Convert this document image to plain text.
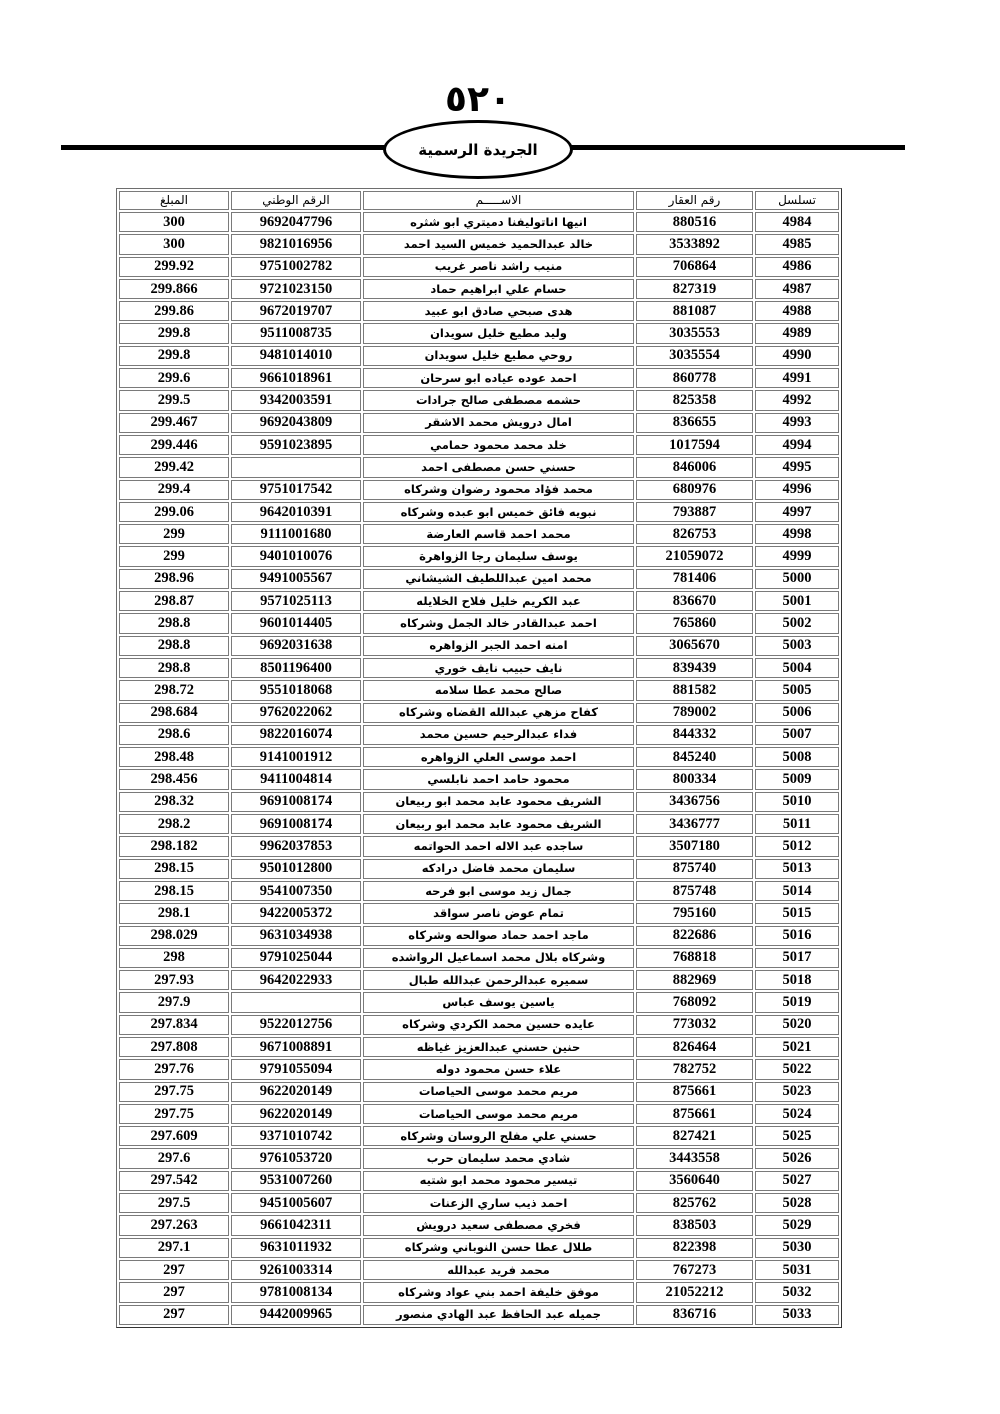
٥٢٠
الجريدة الرسمية
تسلسل	رقم العقار	الاســـــم	الرقم الوطني	المبلغ
4984	880516	انيها اناتوليفنا دميتري ابو شثره	9692047796	300
4985	3533892	خالد عبدالحميد خميس السيد احمد	9821016956	300
4986	706864	منيب راشد ناصر غريب	9751002782	299.92
4987	827319	حسام علي ابراهيم حماد	9721023150	299.866
4988	881087	هدى صبحي صادق ابو عبيد	9672019707	299.86
4989	3035553	وليد مطيع خليل سويدان	9511008735	299.8
4990	3035554	روحي مطيع خليل سويدان	9481014010	299.8
4991	860778	احمد عوده عياده ابو سرحان	9661018961	299.6
4992	825358	حشمه مصطفى صالح جرادات	9342003591	299.5
4993	836655	امال درويش محمد الاشقر	9692043809	299.467
4994	1017594	خلد محمد محمود حمامي	9591023895	299.446
4995	846006	حسني حسن مصطفى احمد		299.42
4996	680976	محمد فؤاد محمود رضوان وشركاه	9751017542	299.4
4997	793887	نبويه فائق خميس ابو عبده وشركاه	9642010391	299.06
4998	826753	محمد احمد قاسم العارضة	9111001680	299
4999	21059072	يوسف سليمان رجا الزواهرة	9401010076	299
5000	781406	محمد امين عبداللطيف الشيشاني	9491005567	298.96
5001	836670	عبد الكريم خليل فلاح الخلايله	9571025113	298.87
5002	765860	احمد عبدالقادر خالد الجمل وشركاه	9601014405	298.8
5003	3065670	امنه احمد الجبر الزواهره	9692031638	298.8
5004	839439	نايف حبيب نايف خوري	8501196400	298.8
5005	881582	صالح محمد عطا سلامه	9551018068	298.72
5006	789002	كفاح مزهي عبدالله القضاه وشركاه	9762022062	298.684
5007	844332	فداء عبدالرحيم حسين محمد	9822016074	298.6
5008	845240	احمد موسى العلي الزواهره	9141001912	298.48
5009	800334	محمود حامد احمد نابلسي	9411004814	298.456
5010	3436756	الشريف محمود عابد محمد ابو ربيعان	9691008174	298.32
5011	3436777	الشريف محمود عابد محمد ابو ربيعان	9691008174	298.2
5012	3507180	ساجده عبد الاله احمد الحواتمه	9962037853	298.182
5013	875740	سليمان محمد فاضل درادكه	9501012800	298.15
5014	875748	جمال زيد موسى ابو فرحه	9541007350	298.15
5015	795160	تمام عوض ناصر سواقد	9422005372	298.1
5016	822686	ماجد احمد حماد صوالحه وشركاه	9631034938	298.029
5017	768818	وشركاه بلال محمد اسماعيل الرواشده	9791025044	298
5018	882969	سميره عبدالرحمن عبدالله طبال	9642022933	297.93
5019	768092	ياسين يوسف عباس		297.9
5020	773032	عايده حسين محمد الكردي وشركاه	9522012756	297.834
5021	826464	حنين حسني عبدالعزيز غياظه	9671008891	297.808
5022	782752	علاء حسن محمود دوله	9791055094	297.76
5023	875661	مريم محمد موسى الحياصات	9622020149	297.75
5024	875661	مريم محمد موسى الحياصات	9622020149	297.75
5025	827421	حسني علي مفلح الروسان وشركاه	9371010742	297.609
5026	3443558	شادي محمد سليمان حرب	9761053720	297.6
5027	3560640	تيسير محمود محمد ابو شتيه	9531007260	297.542
5028	825762	احمد ذيب ساري الزعنات	9451005607	297.5
5029	838503	فخري مصطفى سعيد درويش	9661042311	297.263
5030	822398	طلال عطا حسن النوباني وشركاه	9631011932	297.1
5031	767273	محمد فريد عبدالله	9261003314	297
5032	21052212	موفق خليفة احمد بني عواد وشركاه	9781008134	297
5033	836716	جميله عبد الحافظ عبد الهادي منصور	9442009965	297
